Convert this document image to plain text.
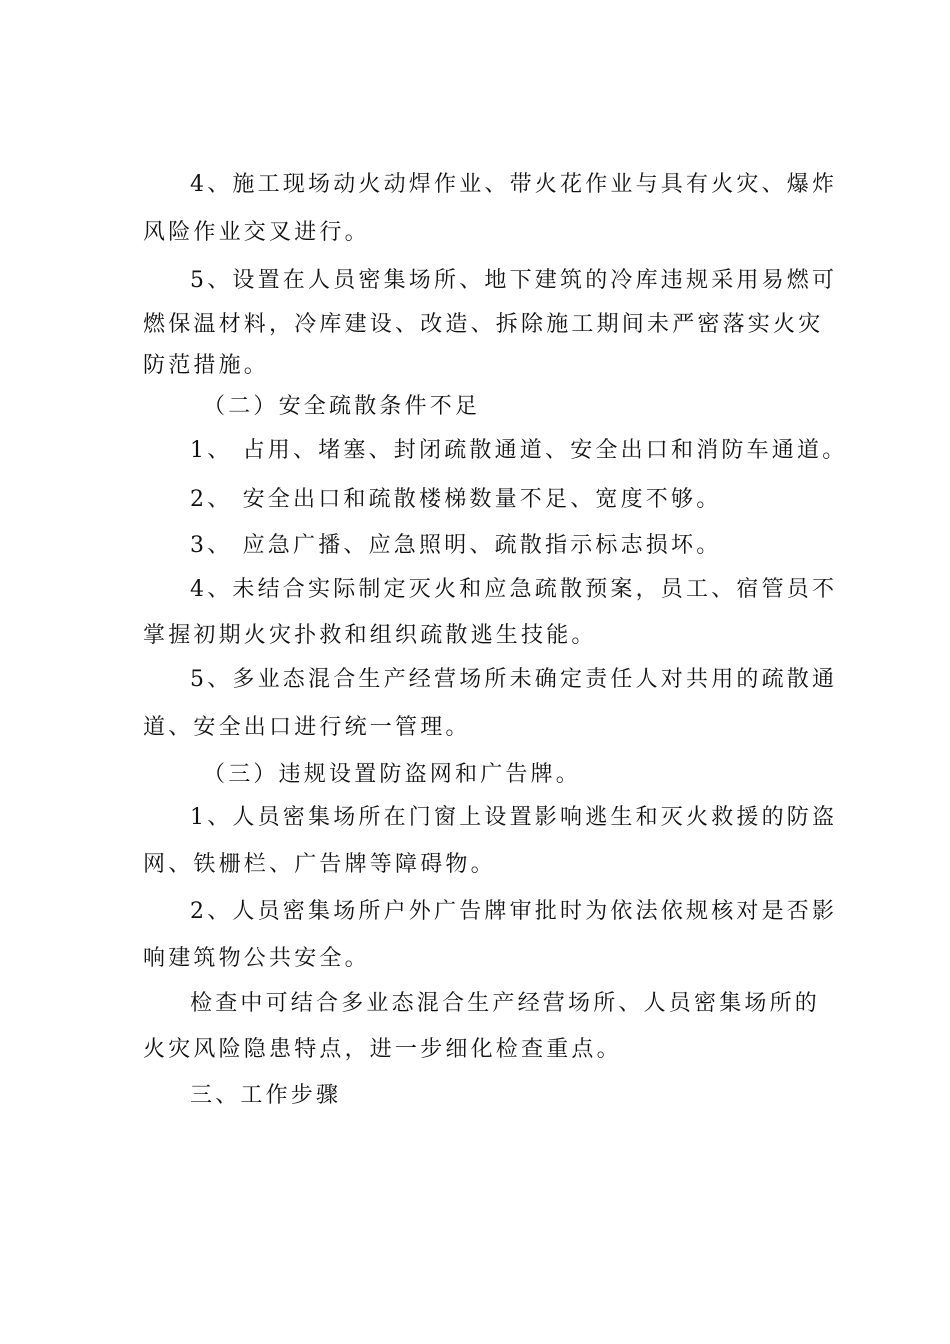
4、施工现场动火动焊作业、带火花作业与具有火灾、爆炸
风险作业交叉进行。
5、设置在人员密集场所、地下建筑的冷库违规采用易燃可
燃保温材料，冷库建设、改造、拆除施工期间未严密落实火灾
防范措施。
（二）安全疏散条件不足
1、 占用、堵塞、封闭疏散通道、安全出口和消防车通道。
2、 安全出口和疏散楼梯数量不足、宽度不够。
3、 应急广播、应急照明、疏散指示标志损坏。
4、未结合实际制定灭火和应急疏散预案，员工、宿管员不
掌握初期火灾扑救和组织疏散逃生技能。
5、多业态混合生产经营场所未确定责任人对共用的疏散通
道、安全出口进行统一管理。
（三）违规设置防盗网和广告牌。
1、人员密集场所在门窗上设置影响逃生和灭火救援的防盗
网、铁栅栏、广告牌等障碍物。
2、人员密集场所户外广告牌审批时为依法依规核对是否影
响建筑物公共安全。
检查中可结合多业态混合生产经营场所、人员密集场所的
火灾风险隐患特点，进一步细化检查重点。
三、工作步骤
